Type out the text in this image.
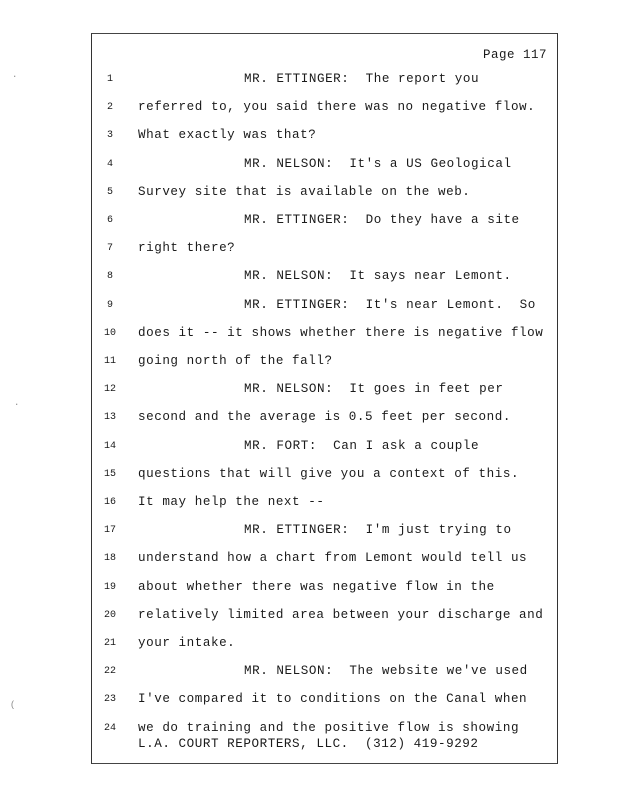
Page 117
1	MR. ETTINGER:  The report you
2	referred to, you said there was no negative flow.
3	What exactly was that?
4	MR. NELSON:  It's a US Geological
5	Survey site that is available on the web.
6	MR. ETTINGER:  Do they have a site
7	right there?
8	MR. NELSON:  It says near Lemont.
9	MR. ETTINGER:  It's near Lemont.  So
10	does it -- it shows whether there is negative flow
11	going north of the fall?
12	MR. NELSON:  It goes in feet per
13	second and the average is 0.5 feet per second.
14	MR. FORT:  Can I ask a couple
15	questions that will give you a context of this.
16	It may help the next --
17	MR. ETTINGER:  I'm just trying to
18	understand how a chart from Lemont would tell us
19	about whether there was negative flow in the
20	relatively limited area between your discharge and
21	your intake.
22	MR. NELSON:  The website we've used
23	I've compared it to conditions on the Canal when
24	we do training and the positive flow is showing
L.A. COURT REPORTERS, LLC.  (312) 419-9292
·
·
(
